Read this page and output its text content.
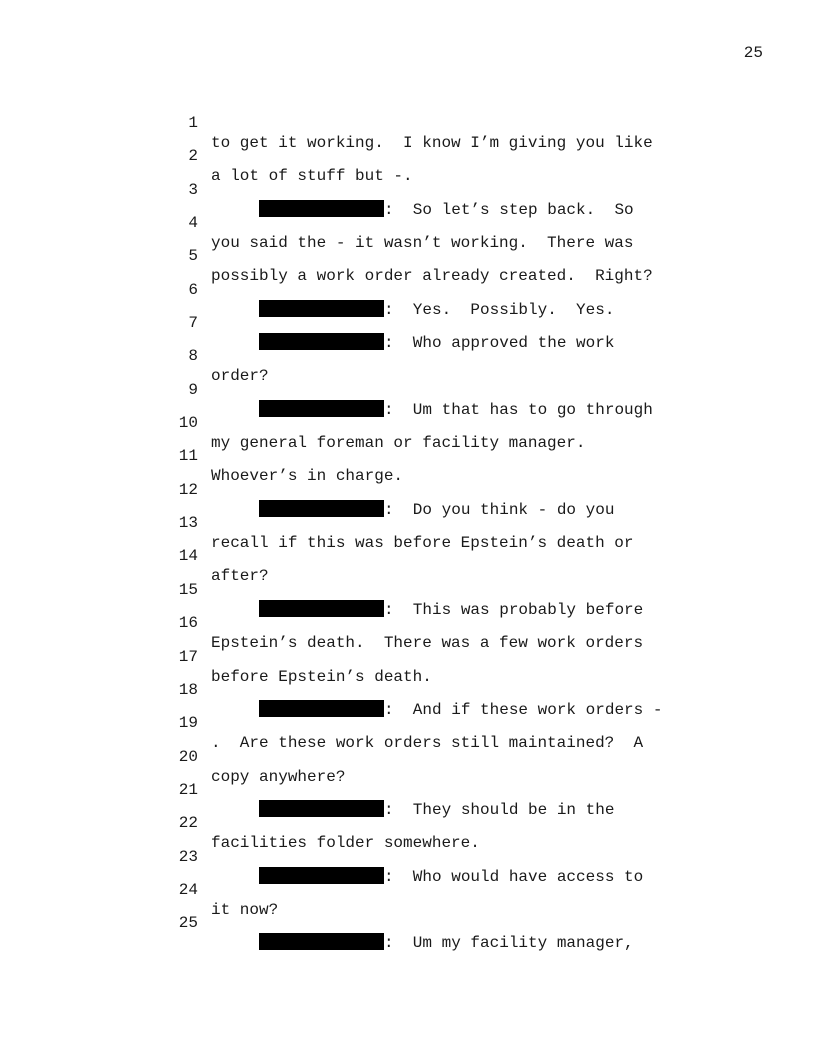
25

1

to get it working.  I know I’m giving you like

2

a lot of stuff but -.

3

:  So let’s step back.  So

4

you said the - it wasn’t working.  There was

5

possibly a work order already created.  Right?

6

:  Yes.  Possibly.  Yes.

7

:  Who approved the work

8

order?

9

:  Um that has to go through

10

my general foreman or facility manager.

11

Whoever’s in charge.

12

:  Do you think - do you

13

recall if this was before Epstein’s death or

14

after?

15

:  This was probably before

16

Epstein’s death.  There was a few work orders

17

before Epstein’s death.

18

:  And if these work orders -

19

.  Are these work orders still maintained?  A

20

copy anywhere?

21

:  They should be in the

22

facilities folder somewhere.

23

:  Who would have access to

24

it now?

25

:  Um my facility manager,
